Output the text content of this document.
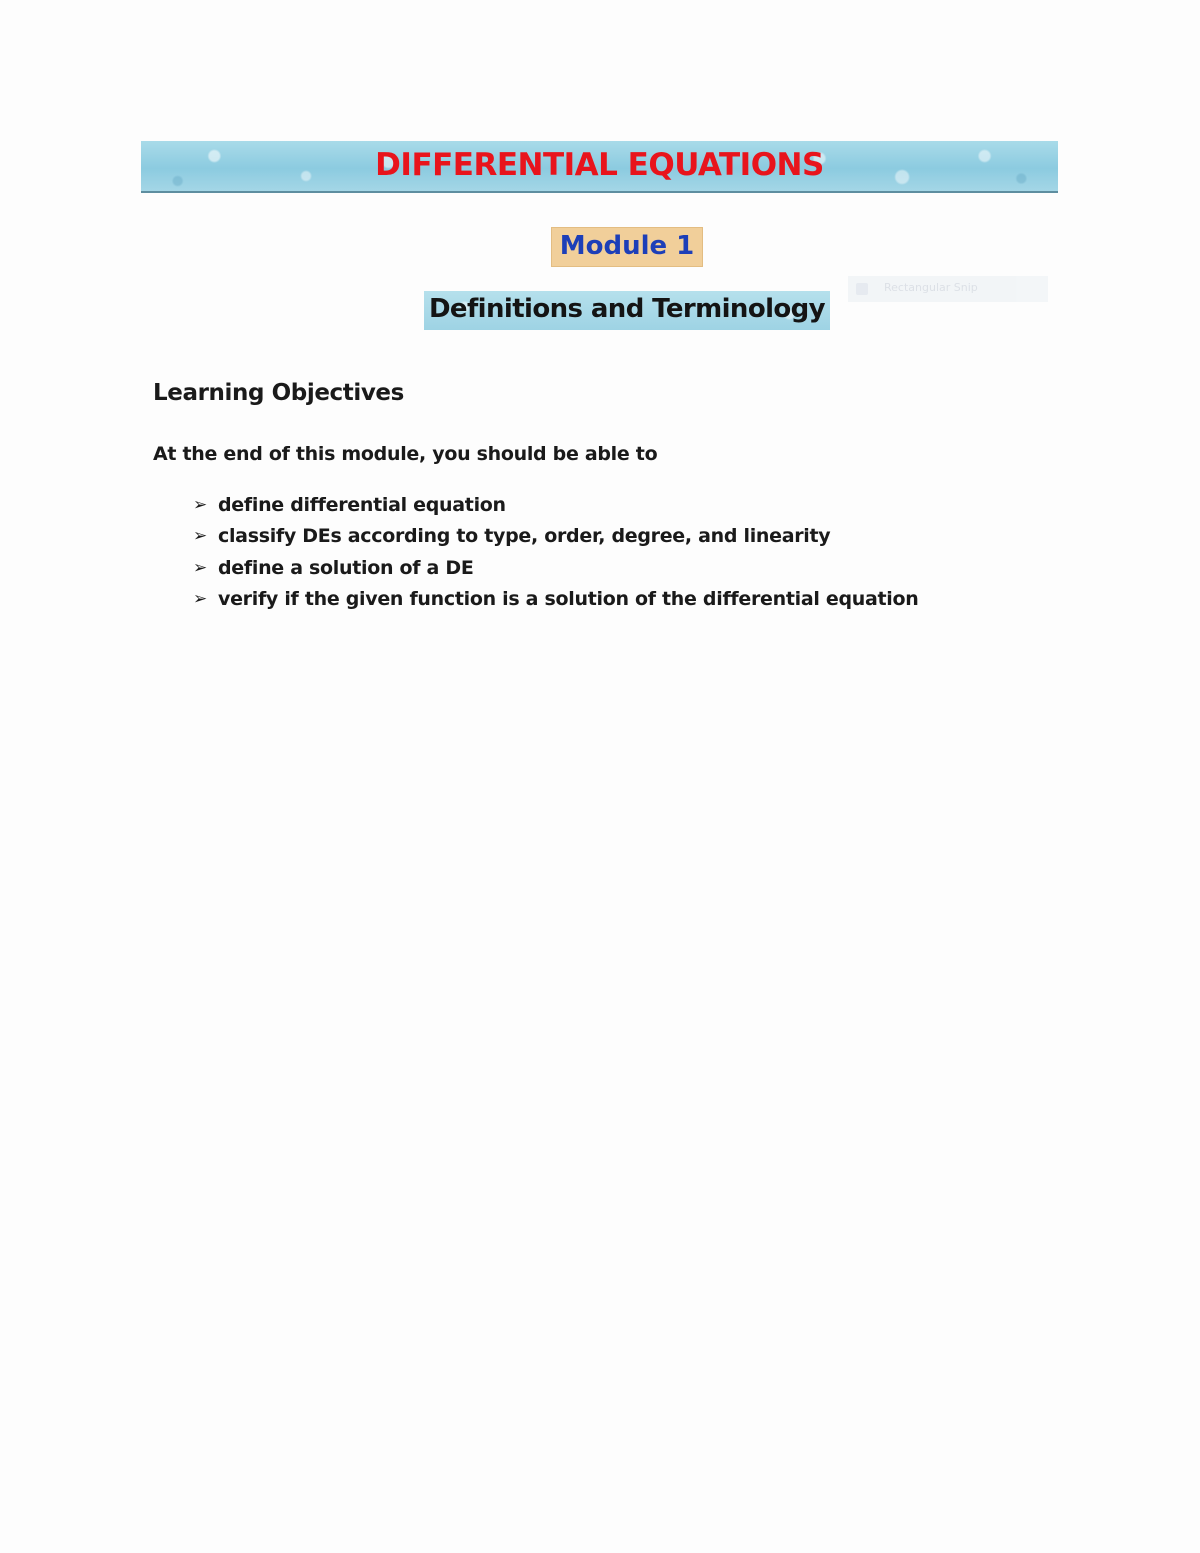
DIFFERENTIAL EQUATIONS
Module 1
Rectangular Snip
Definitions and Terminology
Learning Objectives
At the end of this module, you should be able to
➢ define differential equation
➢ classify DEs according to type, order, degree, and linearity
➢ define a solution of a DE
➢ verify if the given function is a solution of the differential equation
